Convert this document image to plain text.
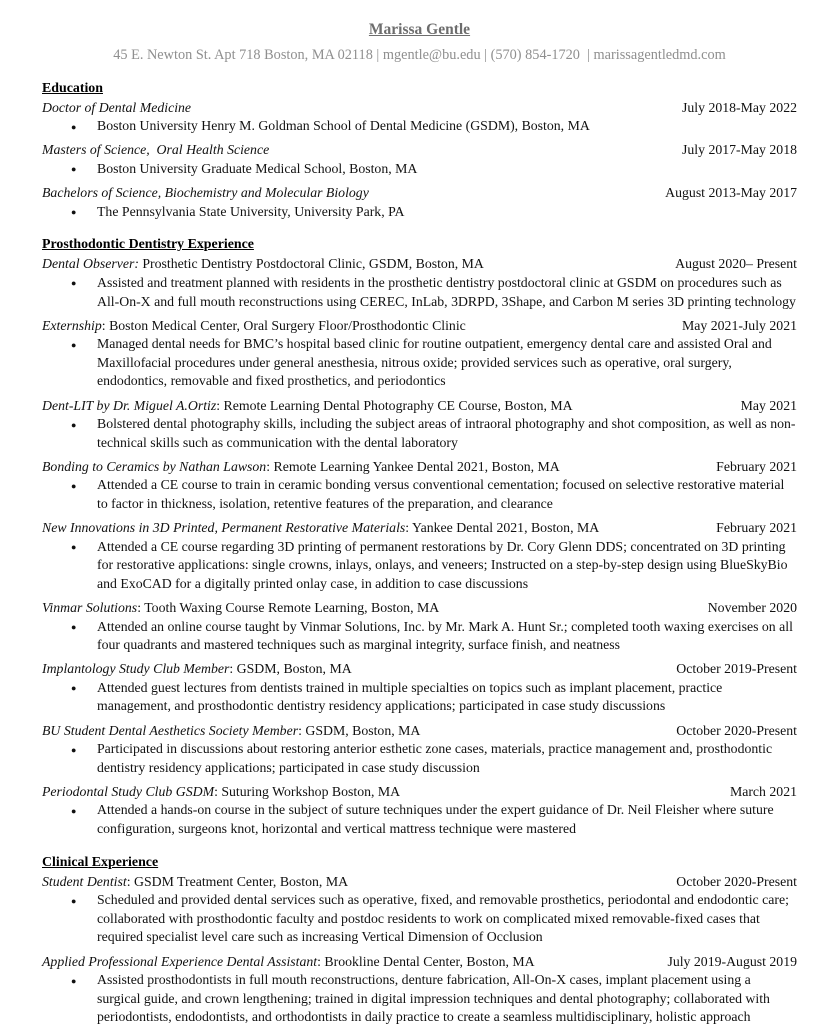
Marissa Gentle
45 E. Newton St. Apt 718 Boston, MA 02118 | mgentle@bu.edu | (570) 854-1720  | marissagentledmd.com
Education
Doctor of Dental Medicine	July 2018-May 2022
● Boston University Henry M. Goldman School of Dental Medicine (GSDM), Boston, MA
Masters of Science,  Oral Health Science	July 2017-May 2018
● Boston University Graduate Medical School, Boston, MA
Bachelors of Science, Biochemistry and Molecular Biology	August 2013-May 2017
● The Pennsylvania State University, University Park, PA
Prosthodontic Dentistry Experience
Dental Observer: Prosthetic Dentistry Postdoctoral Clinic, GSDM, Boston, MA	August 2020– Present
● Assisted and treatment planned with residents in the prosthetic dentistry postdoctoral clinic at GSDM on procedures such as All-On-X and full mouth reconstructions using CEREC, InLab, 3DRPD, 3Shape, and Carbon M series 3D printing technology
Externship: Boston Medical Center, Oral Surgery Floor/Prosthodontic Clinic	May 2021-July 2021
● Managed dental needs for BMC’s hospital based clinic for routine outpatient, emergency dental care and assisted Oral and Maxillofacial procedures under general anesthesia, nitrous oxide; provided services such as operative, oral surgery, endodontics, removable and fixed prosthetics, and periodontics
Dent-LIT by Dr. Miguel A.Ortiz: Remote Learning Dental Photography CE Course, Boston, MA	May 2021
● Bolstered dental photography skills, including the subject areas of intraoral photography and shot composition, as well as non-technical skills such as communication with the dental laboratory
Bonding to Ceramics by Nathan Lawson: Remote Learning Yankee Dental 2021, Boston, MA	February 2021
● Attended a CE course to train in ceramic bonding versus conventional cementation; focused on selective restorative material to factor in thickness, isolation, retentive features of the preparation, and clearance
New Innovations in 3D Printed, Permanent Restorative Materials: Yankee Dental 2021, Boston, MA	February 2021
● Attended a CE course regarding 3D printing of permanent restorations by Dr. Cory Glenn DDS; concentrated on 3D printing for restorative applications: single crowns, inlays, onlays, and veneers; Instructed on a step-by-step design using BlueSkyBio and ExoCAD for a digitally printed onlay case, in addition to case discussions
Vinmar Solutions: Tooth Waxing Course Remote Learning, Boston, MA	November 2020
● Attended an online course taught by Vinmar Solutions, Inc. by Mr. Mark A. Hunt Sr.; completed tooth waxing exercises on all four quadrants and mastered techniques such as marginal integrity, surface finish, and neatness
Implantology Study Club Member: GSDM, Boston, MA	October 2019-Present
● Attended guest lectures from dentists trained in multiple specialties on topics such as implant placement, practice management, and prosthodontic dentistry residency applications; participated in case study discussions
BU Student Dental Aesthetics Society Member: GSDM, Boston, MA	October 2020-Present
● Participated in discussions about restoring anterior esthetic zone cases, materials, practice management and, prosthodontic dentistry residency applications; participated in case study discussion
Periodontal Study Club GSDM: Suturing Workshop Boston, MA	March 2021
● Attended a hands-on course in the subject of suture techniques under the expert guidance of Dr. Neil Fleisher where suture configuration, surgeons knot, horizontal and vertical mattress technique were mastered
Clinical Experience
Student Dentist: GSDM Treatment Center, Boston, MA	October 2020-Present
● Scheduled and provided dental services such as operative, fixed, and removable prosthetics, periodontal and endodontic care; collaborated with prosthodontic faculty and postdoc residents to work on complicated mixed removable-fixed cases that required specialist level care such as increasing Vertical Dimension of Occlusion
Applied Professional Experience Dental Assistant: Brookline Dental Center, Boston, MA	July 2019-August 2019
● Assisted prosthodontists in full mouth reconstructions, denture fabrication, All-On-X cases, implant placement using a surgical guide, and crown lengthening; trained in digital impression techniques and dental photography; collaborated with periodontists, endodontists, and orthodontists in daily practice to create a seamless multidisciplinary, holistic approach
